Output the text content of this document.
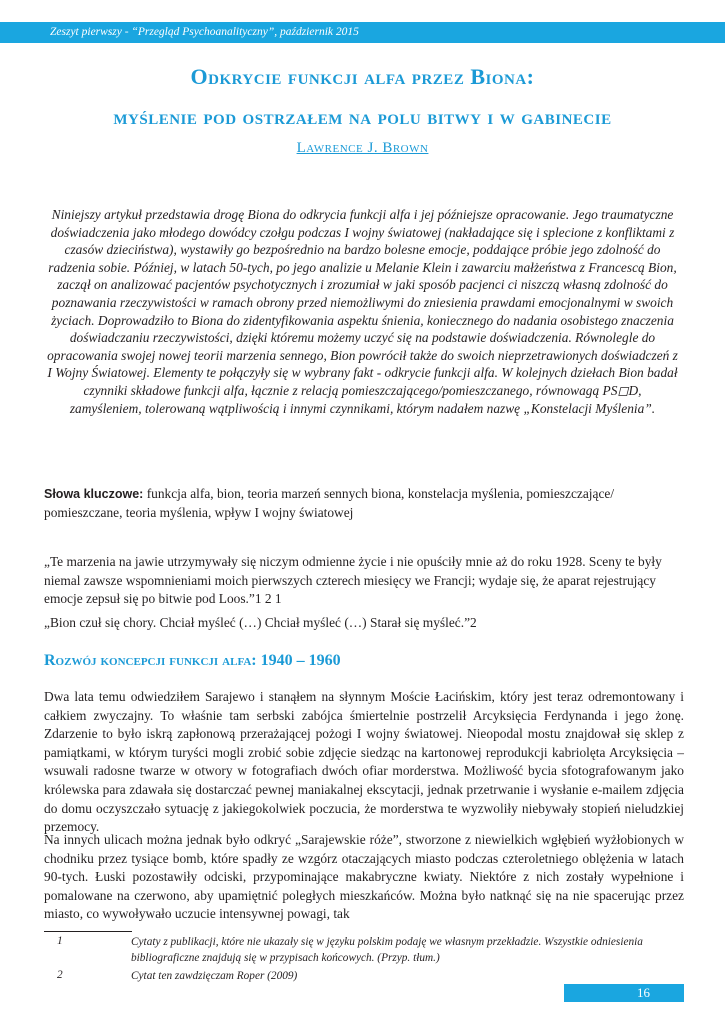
Zeszyt pierwszy - “Przegląd Psychoanalityczny”, październik 2015
Odkrycie funkcji alfa przez Biona:
myślenie pod ostrzałem na polu bitwy i w gabinecie
Lawrence J. Brown

Niniejszy artykuł przedstawia drogę Biona do odkrycia funkcji alfa i jej późniejsze opracowanie. Jego traumatyczne doświadczenia jako młodego dowódcy czołgu podczas I wojny światowej (nakładające się i splecione z konfliktami z czasów dzieciństwa), wystawiły go bezpośrednio na bardzo bolesne emocje, poddające próbie jego zdolność do radzenia sobie. Później, w latach 50-tych, po jego analizie u Melanie Klein i zawarciu małżeństwa z Francescą Bion, zaczął on analizować pacjentów psychotycznych i zrozumiał w jaki sposób pacjenci ci niszczą własną zdolność do poznawania rzeczywistości w ramach obrony przed niemożliwymi do zniesienia prawdami emocjonalnymi w swoich życiach. Doprowadziło to Biona do zidentyfikowania aspektu śnienia, koniecznego do nadania osobistego znaczenia doświadczaniu rzeczywistości, dzięki któremu możemy uczyć się na podstawie doświadczenia. Równolegle do opracowania swojej nowej teorii marzenia sennego, Bion powrócił także do swoich nieprzetrawionych doświadczeń z I Wojny Światowej. Elementy te połączyły się w wybrany fakt - odkrycie funkcji alfa. W kolejnych dziełach Bion badał czynniki składowe funkcji alfa, łącznie z relacją pomieszczającego/pomieszczanego, równowagą PS◻D, zamyśleniem, tolerowaną wątpliwością i innymi czynnikami, którym nadałem nazwę „Konstelacji Myślenia”.

Słowa kluczowe: funkcja alfa, bion, teoria marzeń sennych biona, konstelacja myślenia, pomieszczające/ pomieszczane, teoria myślenia, wpływ I wojny światowej

„Te marzenia na jawie utrzymywały się niczym odmienne życie i nie opuściły mnie aż do roku 1928. Sceny te były niemal zawsze wspomnieniami moich pierwszych czterech miesięcy we Francji; wydaje się, że aparat rejestrujący emocje zepsuł się po bitwie pod Loos.”1 2 1

„Bion czuł się chory. Chciał myśleć (…) Chciał myśleć (…) Starał się myśleć.”2

Rozwój koncepcji funkcji alfa: 1940 – 1960

Dwa lata temu odwiedziłem Sarajewo i stanąłem na słynnym Moście Łacińskim, który jest teraz odremontowany i całkiem zwyczajny. To właśnie tam serbski zabójca śmiertelnie postrzelił Arcyksięcia Ferdynanda i jego żonę. Zdarzenie to było iskrą zapłonową przerażającej pożogi I wojny światowej. Nieopodal mostu znajdował się sklep z pamiątkami, w którym turyści mogli zrobić sobie zdjęcie siedząc na kartonowej reprodukcji kabriolęta Arcyksięcia – wsuwali radosne twarze w otwory w fotografiach dwóch ofiar morderstwa. Możliwość bycia sfotografowanym jako królewska para zdawała się dostarczać pewnej maniakalnej ekscytacji, jednak przetrwanie i wysłanie e-mailem zdjęcia do domu oczyszczało sytuację z jakiegokolwiek poczucia, że morderstwa te wyzwoliły niebywały stopień nieludzkiej przemocy.

Na innych ulicach można jednak było odkryć „Sarajewskie róże”, stworzone z niewielkich wgłębień wyżłobionych w chodniku przez tysiące bomb, które spadły ze wzgórz otaczających miasto podczas czteroletniego oblężenia w latach 90-tych. Łuski pozostawiły odciski, przypominające makabryczne kwiaty. Niektóre z nich zostały wypełnione i pomalowane na czerwono, aby upamiętnić poległych mieszkańców. Można było natknąć się na nie spacerując przez miasto, co wywoływało uczucie intensywnej powagi, tak

1	Cytaty z publikacji, które nie ukazały się w języku polskim podaję we własnym przekładzie. Wszystkie odniesienia bibliograficzne znajdują się w przypisach końcowych. (Przyp. tłum.)
2	Cytat ten zawdzięczam Roper (2009)
16
